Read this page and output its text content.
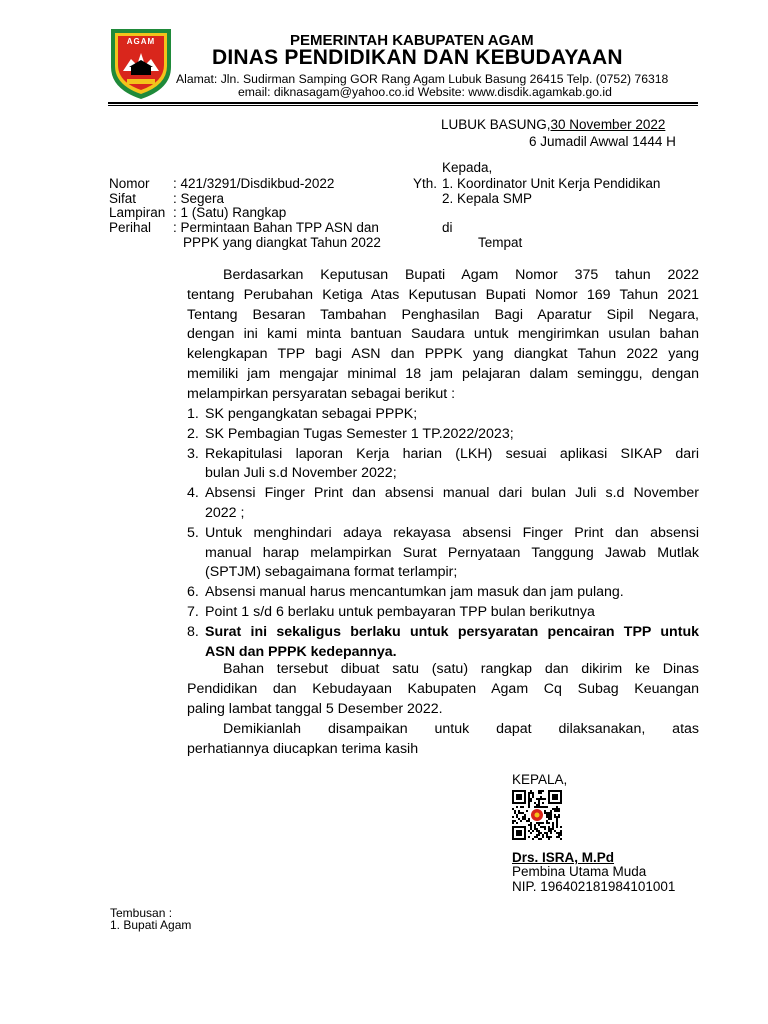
AGAM	PEMERINTAH KABUPATEN AGAM
DINAS PENDIDIKAN DAN KEBUDAYAAN
Alamat: Jln. Sudirman Samping GOR Rang Agam Lubuk Basung 26415 Telp. (0752) 76318
email: diknasagam@yahoo.co.id Website: www.disdik.agamkab.go.id
LUBUK BASUNG,30 November 2022
6 Jumadil Awwal 1444 H
Kepada,
Yth. 1. Koordinator Unit Kerja Pendidikan
2. Kepala SMP
di
Tempat
Nomor : 421/3291/Disdikbud-2022
Sifat	: Segera
Lampiran : 1 (Satu) Rangkap
Perihal : Permintaan Bahan TPP ASN dan
PPPK yang diangkat Tahun 2022
Berdasarkan Keputusan Bupati Agam Nomor 375 tahun 2022
tentang Perubahan Ketiga Atas Keputusan Bupati Nomor 169 Tahun 2021
Tentang Besaran Tambahan Penghasilan Bagi Aparatur Sipil Negara,
dengan ini kami minta bantuan Saudara untuk mengirimkan usulan bahan
kelengkapan TPP bagi ASN dan PPPK yang diangkat Tahun 2022 yang
memiliki jam mengajar minimal 18 jam pelajaran dalam seminggu, dengan
melampirkan persyaratan sebagai berikut :
1. SK pengangkatan sebagai PPPK;
2. SK Pembagian Tugas Semester 1 TP.2022/2023;
3. Rekapitulasi laporan Kerja harian (LKH) sesuai aplikasi SIKAP dari
bulan Juli s.d November 2022;
4. Absensi Finger Print dan absensi manual dari bulan Juli s.d November
2022 ;
5. Untuk menghindari adaya rekayasa absensi Finger Print dan absensi
manual harap melampirkan Surat Pernyataan Tanggung Jawab Mutlak
(SPTJM) sebagaimana format terlampir;
6. Absensi manual harus mencantumkan jam masuk dan jam pulang.
7. Point 1 s/d 6 berlaku untuk pembayaran TPP bulan berikutnya
8. Surat ini sekaligus berlaku untuk persyaratan pencairan TPP untuk
ASN dan PPPK kedepannya.
Bahan tersebut dibuat satu (satu) rangkap dan dikirim ke Dinas
Pendidikan dan Kebudayaan Kabupaten Agam Cq Subag Keuangan
paling lambat tanggal 5 Desember 2022.
Demikianlah disampaikan untuk dapat dilaksanakan, atas
perhatiannya diucapkan terima kasih
KEPALA,
Drs. ISRA, M.Pd
Pembina Utama Muda
NIP. 196402181984101001
Tembusan :
1. Bupati Agam
